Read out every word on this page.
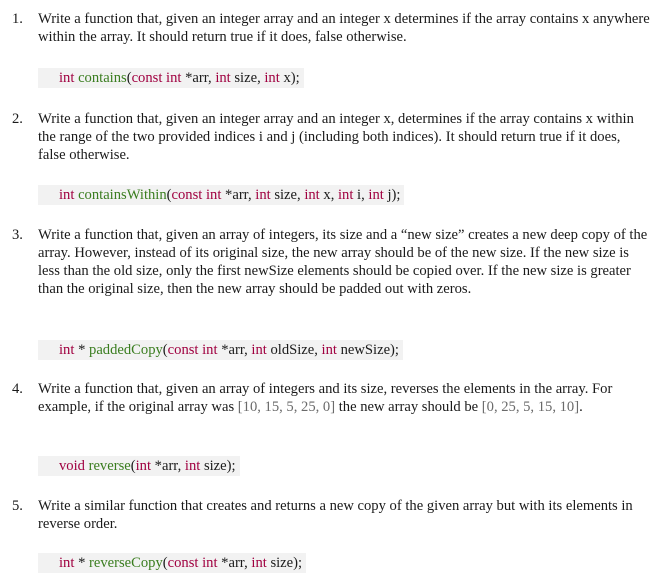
1.	Write a function that, given an integer array and an integer x determines if the array contains x anywhere within the array. It should return true if it does, false otherwise.
int contains(const int *arr, int size, int x);
2.	Write a function that, given an integer array and an integer x, determines if the array contains x within the range of the two provided indices i and j (including both indices). It should return true if it does, false otherwise.
int containsWithin(const int *arr, int size, int x, int i, int j);
3.	Write a function that, given an array of integers, its size and a “new size” creates a new deep copy of the array. However, instead of its original size, the new array should be of the new size. If the new size is less than the old size, only the first newSize elements should be copied over. If the new size is greater than the original size, then the new array should be padded out with zeros.
int * paddedCopy(const int *arr, int oldSize, int newSize);
4.	Write a function that, given an array of integers and its size, reverses the elements in the array. For example, if the original array was [10, 15, 5, 25, 0] the new array should be [0, 25, 5, 15, 10].
void reverse(int *arr, int size);
5.	Write a similar function that creates and returns a new copy of the given array but with its elements in reverse order.
int * reverseCopy(const int *arr, int size);
